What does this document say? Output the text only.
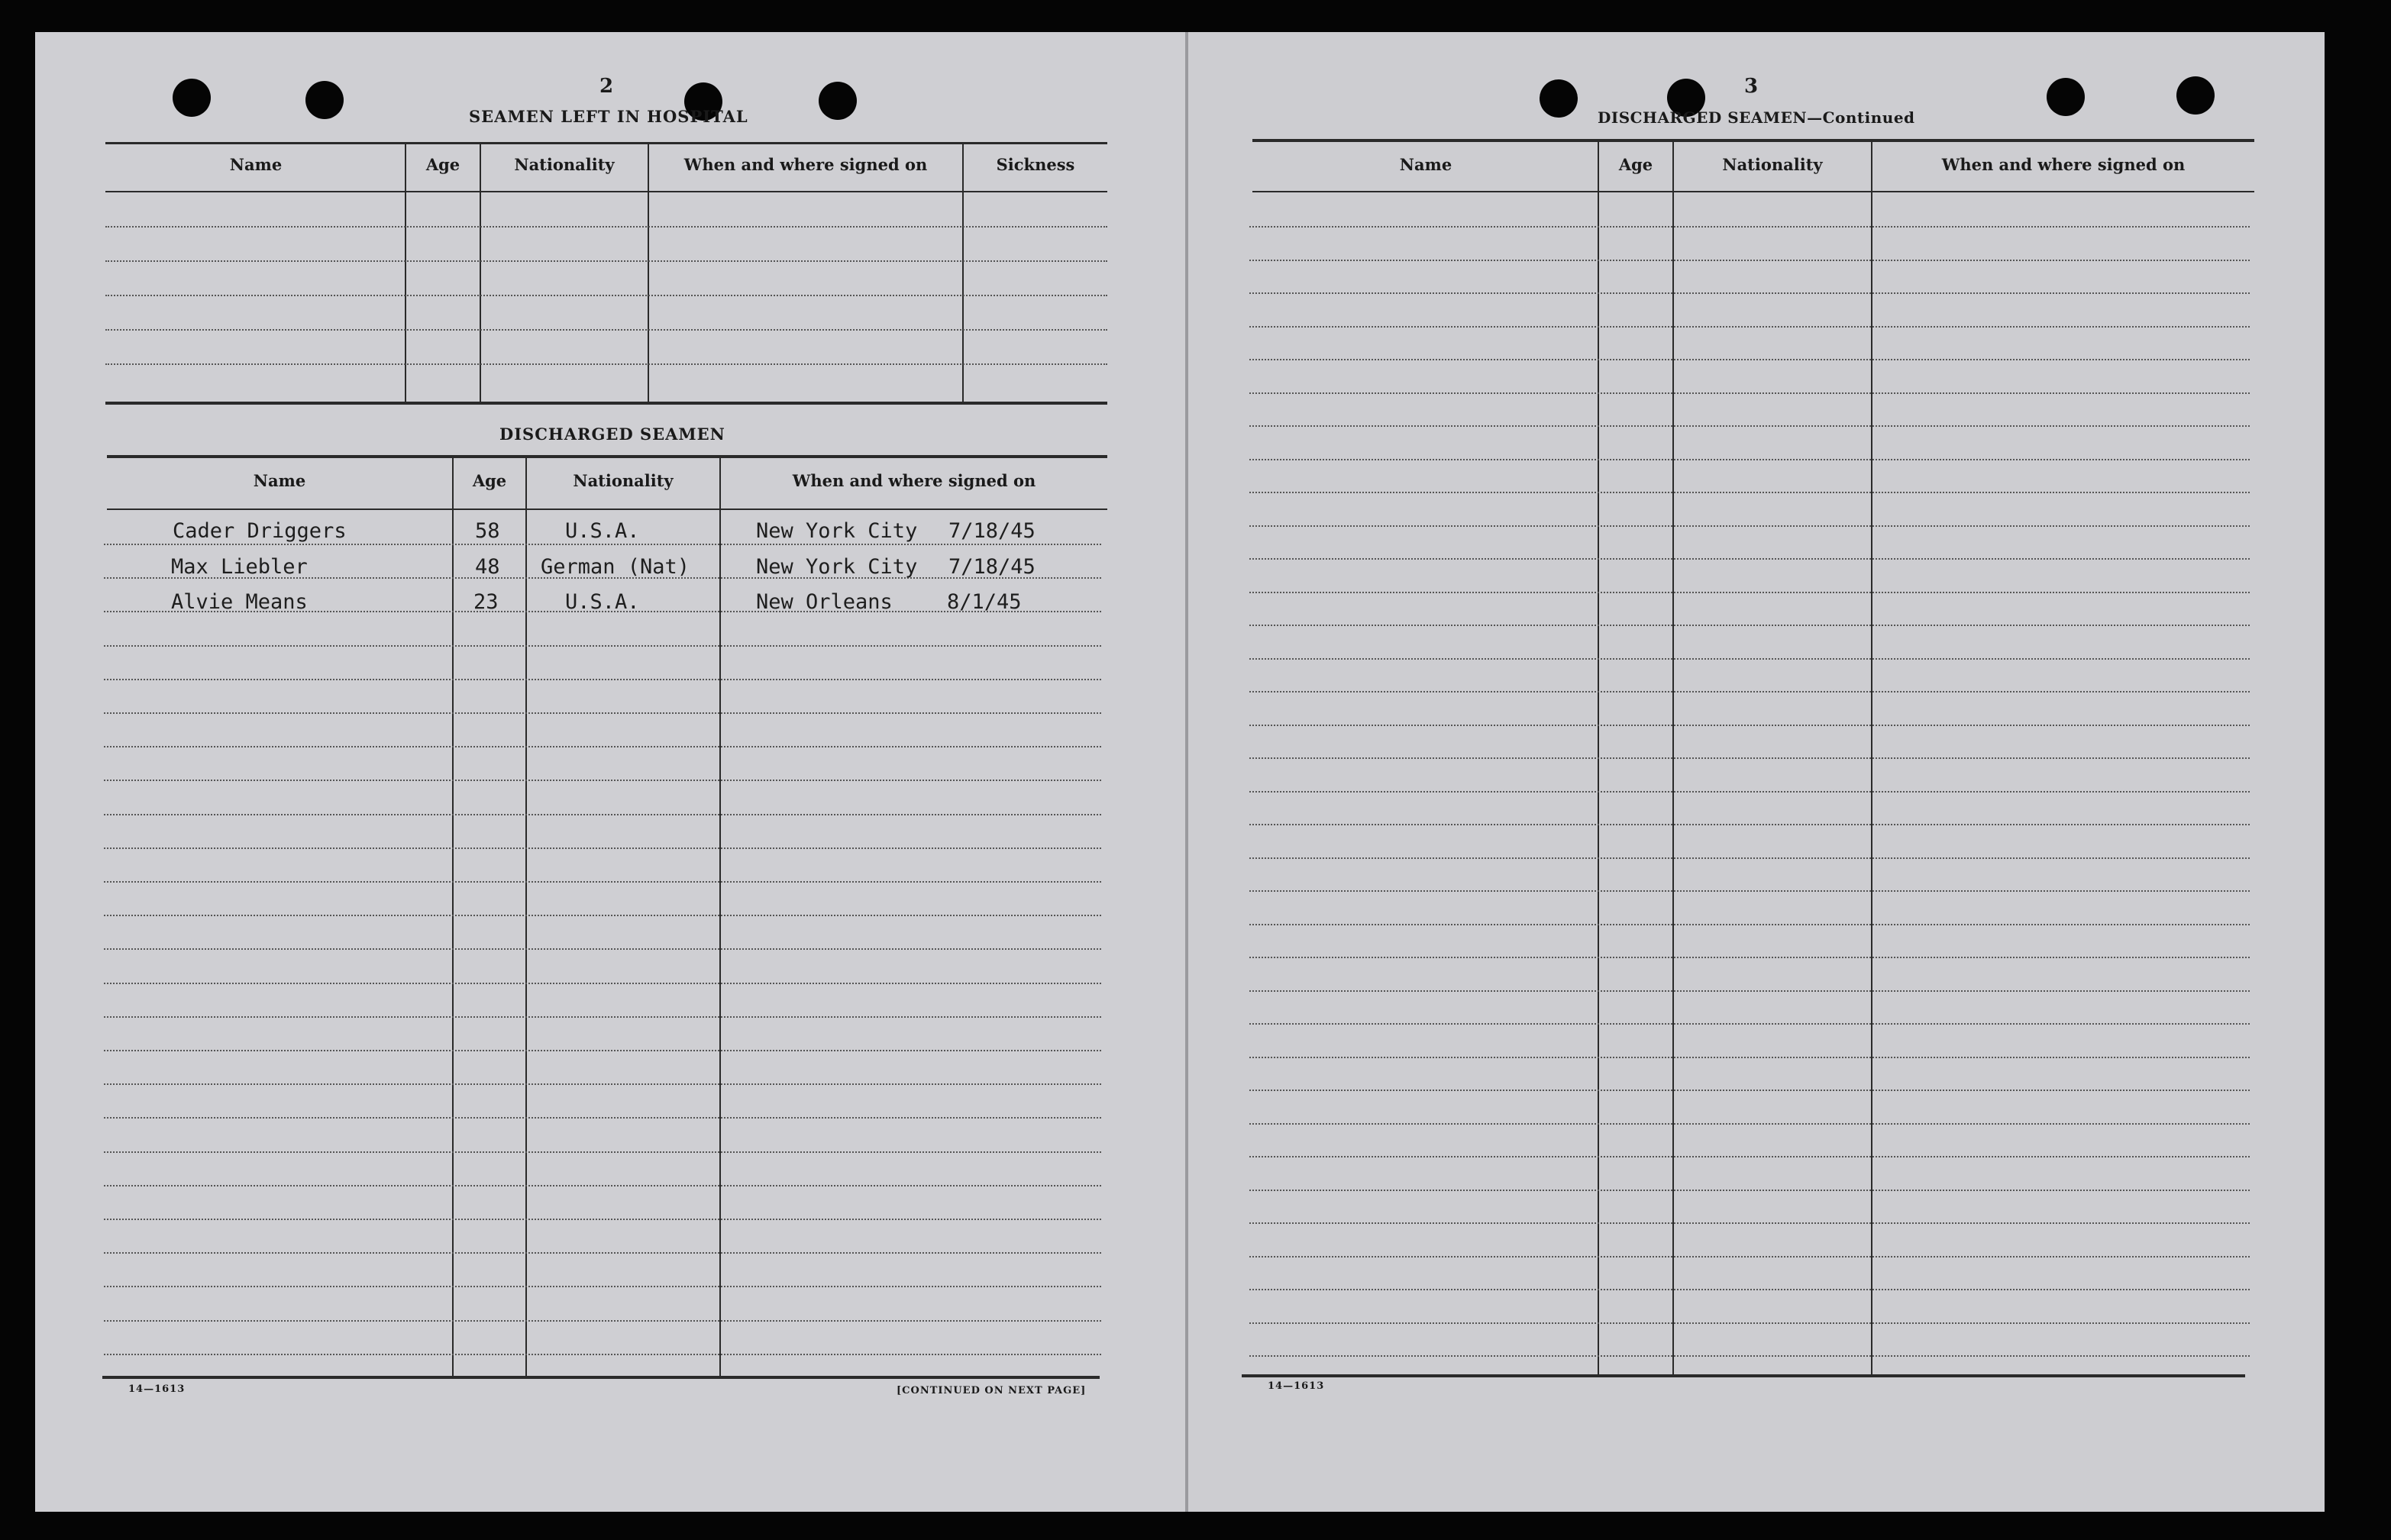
2
SEAMEN LEFT IN HOSPITAL
Name	Age	Nationality	When and where signed on	Sickness
DISCHARGED SEAMEN
Name	Age	Nationality	When and where signed on
Cader Driggers	58	U.S.A.	New York City 7/18/45
Max Liebler	48 German (Nat)	New York City 7/18/45
Alvie Means	23	U.S.A.	New Orleans	8/1/45
14—1613	[CONTINUED ON NEXT PAGE]
3
DISCHARGED SEAMEN—Continued
Name	Age	Nationality	When and where signed on
14—1613
